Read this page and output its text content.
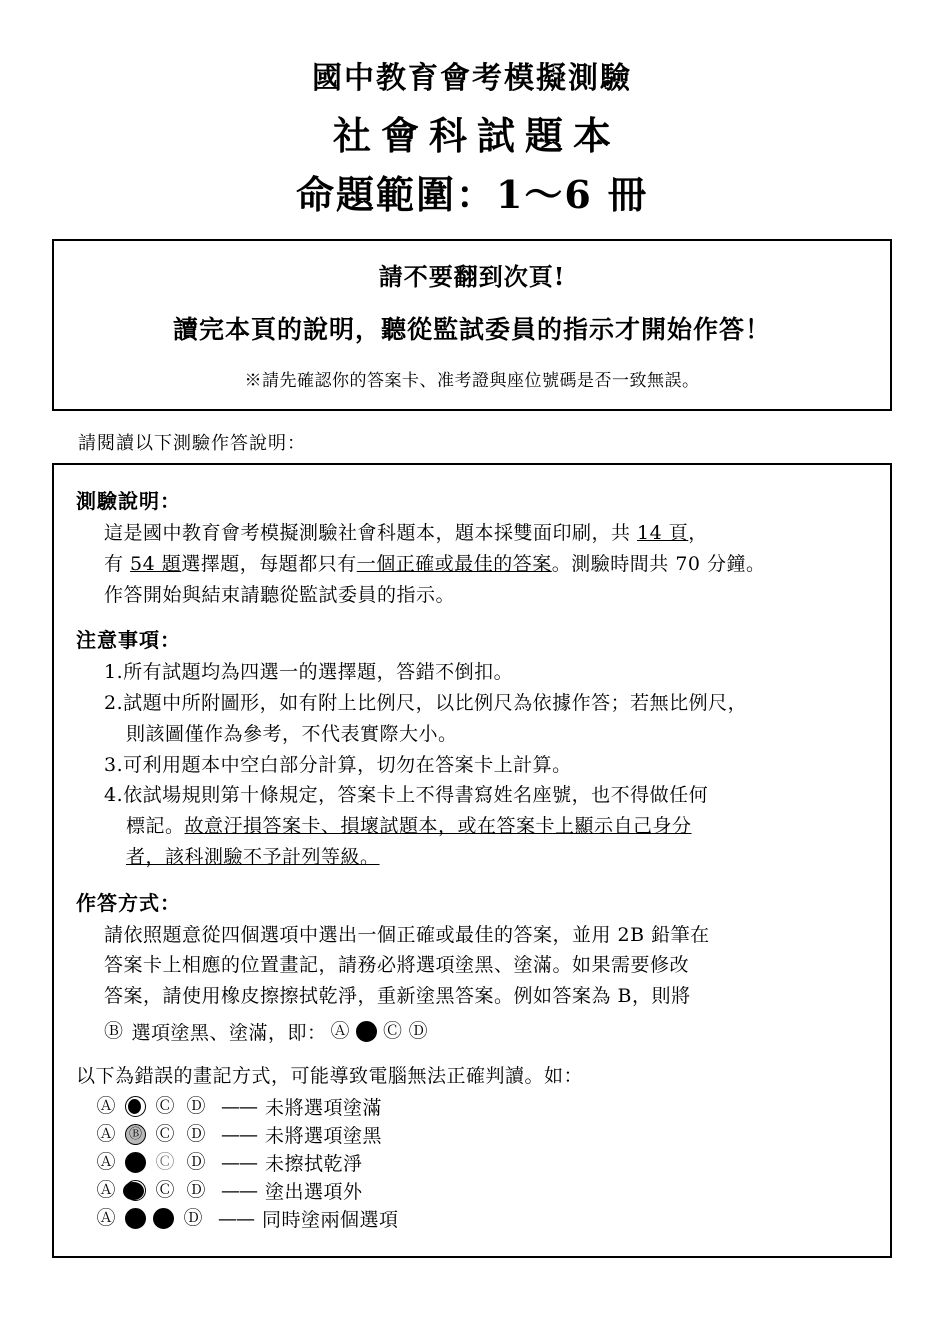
國中教育會考模擬測驗
社會科試題本
命題範圍：1～6 冊
請不要翻到次頁!
讀完本頁的說明，聽從監試委員的指示才開始作答！
※請先確認你的答案卡、准考證與座位號碼是否一致無誤。
請閱讀以下測驗作答說明：
測驗說明：
這是國中教育會考模擬測驗社會科題本，題本採雙面印刷，共 14 頁，
有 54 題選擇題，每題都只有一個正確或最佳的答案。測驗時間共 70 分鐘。
作答開始與結束請聽從監試委員的指示。
注意事項：
1.所有試題均為四選一的選擇題，答錯不倒扣。
2.試題中所附圖形，如有附上比例尺，以比例尺為依據作答；若無比例尺，
則該圖僅作為參考，不代表實際大小。
3.可利用題本中空白部分計算，切勿在答案卡上計算。
4.依試場規則第十條規定，答案卡上不得書寫姓名座號，也不得做任何
標記。故意汙損答案卡、損壞試題本，或在答案卡上顯示自己身分
者，該科測驗不予計列等級。
作答方式：
請依照題意從四個選項中選出一個正確或最佳的答案，並用 2B 鉛筆在
答案卡上相應的位置畫記，請務必將選項塗黑、塗滿。如果需要修改
答案，請使用橡皮擦擦拭乾淨，重新塗黑答案。例如答案為 B，則將
Ⓑ 選項塗黑、塗滿，即： Ⓐ Ⓒ Ⓓ
以下為錯誤的畫記方式，可能導致電腦無法正確判讀。如：
Ⓐ Ⓒ Ⓓ —— 未將選項塗滿
Ⓐ	Ⓑ Ⓒ Ⓓ —— 未將選項塗黑
Ⓐ Ⓒ Ⓓ —— 未擦拭乾淨
Ⓐ Ⓒ Ⓓ —— 塗出選項外
Ⓐ	Ⓓ —— 同時塗兩個選項
